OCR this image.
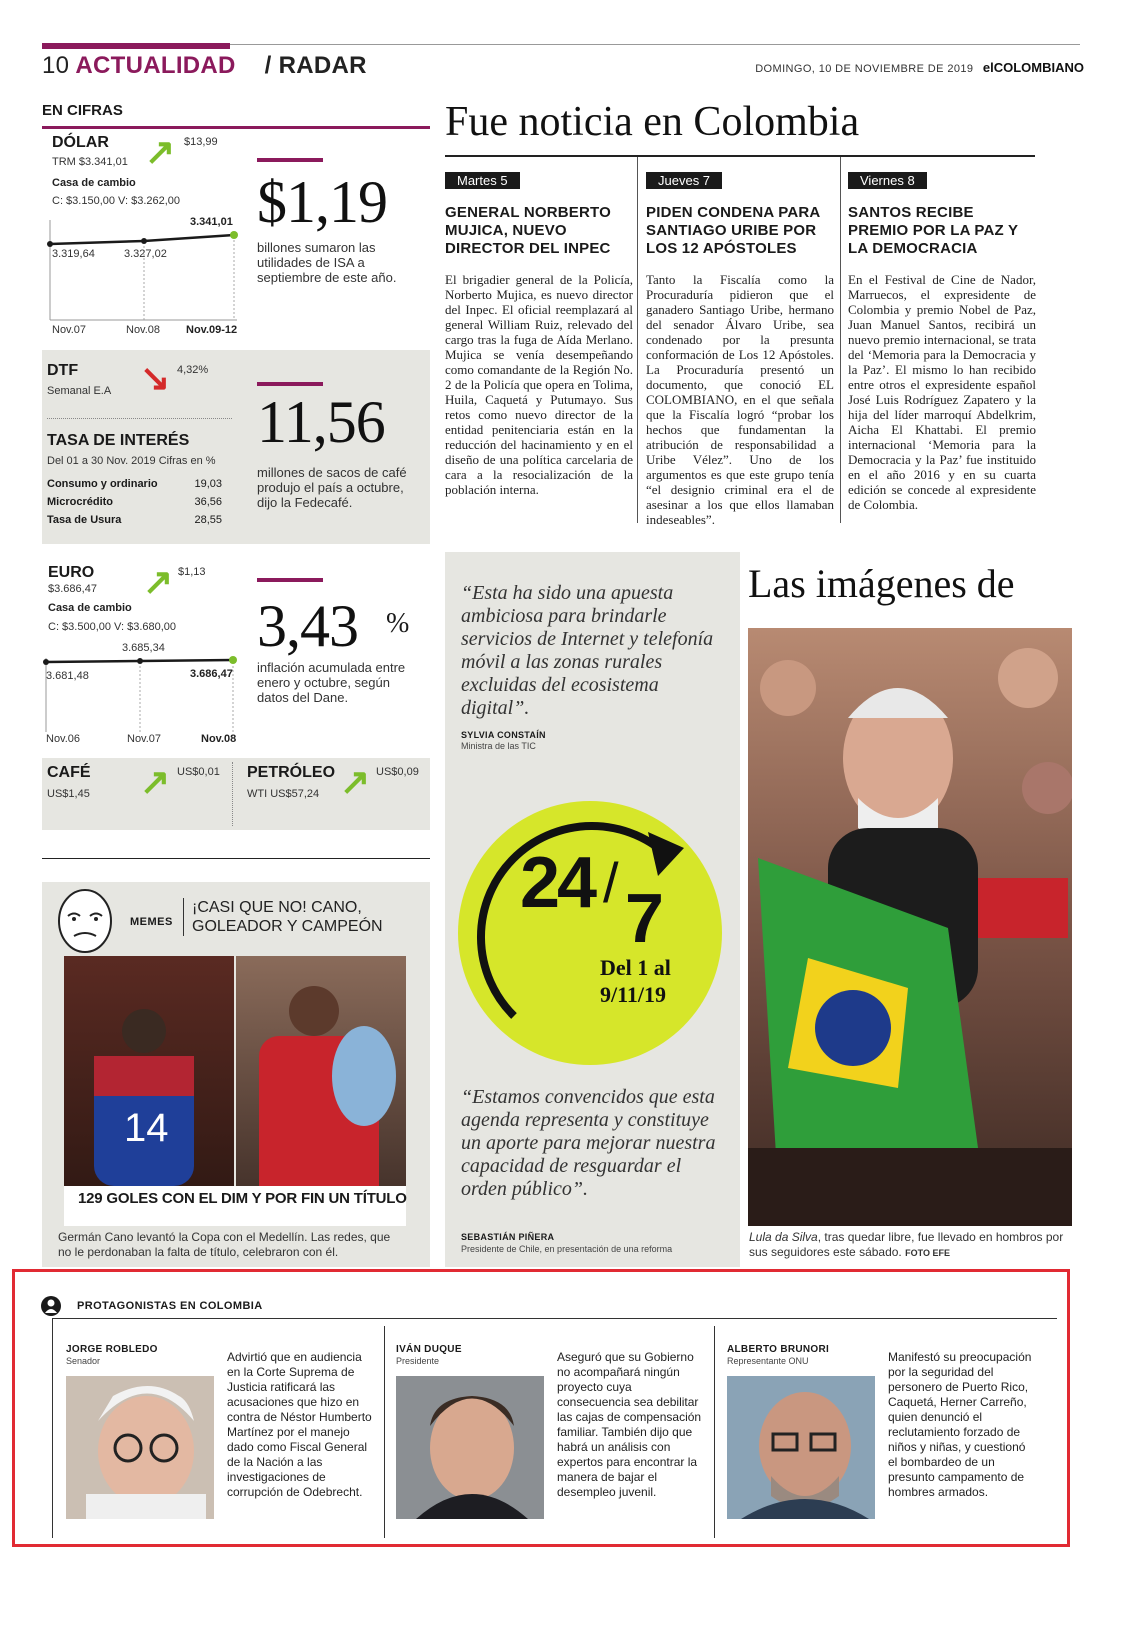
10 ACTUALIDAD / RADAR	DOMINGO, 10 DE NOVIEMBRE DE 2019 elCOLOMBIANO
EN CIFRAS
DÓLAR
TRM $3.341,01 ↗ $13,99
Casa de cambio
C: $3.150,00 V: $3.262,00
3.319,64	3.327,02
3.341,01
Nov.07	Nov.08 Nov.09-12
DTF
Semanal E.A ↘ 4,32%
TASA DE INTERÉS
Del 01 a 30 Nov. 2019 Cifras en %
Consumo y ordinario	19,03
Microcrédito	36,56
Tasa de Usura	28,55
$1,19
billones sumaron las utilidades de ISA a septiembre de este año.
11,56
millones de sacos de café produjo el país a octubre, dijo la Fedecafé.
3,43 %
inflación acumulada entre enero y octubre, según datos del Dane.
EURO
$3.686,47 ↗ $1,13
Casa de cambio
C: $3.500,00 V: $3.680,00
3.681,48
3.685,34
3.686,47
Nov.06	Nov.07	Nov.08
CAFÉ
US$1,45 ↗ US$0,01 PETRÓLEO
WTI US$57,24 ↗ US$0,09
MEMES
¡CASI QUE NO! CANO, GOLEADOR Y CAMPEÓN
14
129 GOLES CON EL DIM Y POR FIN UN TÍTULO
Germán Cano levantó la Copa con el Medellín. Las redes, que no le perdonaban la falta de título, celebraron con él.
Fue noticia en Colombia
Martes 5
GENERAL NORBERTO MUJICA, NUEVO DIRECTOR DEL INPEC
El brigadier general de la Policía, Norberto Mujica, es nuevo director del Inpec. El oficial reemplazará al general William Ruiz, relevado del cargo tras la fuga de Aída Merlano. Mujica se venía desempeñando como comandante de la Región No. 2 de la Policía que opera en Tolima, Huila, Caquetá y Putumayo. Sus retos como nuevo director de la entidad penitenciaria están en la reducción del hacinamiento y en el diseño de una política carcelaria de cara a la resocialización de la población interna.
Jueves 7
PIDEN CONDENA PARA SANTIAGO URIBE POR LOS 12 APÓSTOLES
Tanto la Fiscalía como la Procuraduría pidieron que el ganadero Santiago Uribe, hermano del senador Álvaro Uribe, sea condenado por la presunta conformación de Los 12 Apóstoles. La Procuraduría presentó un documento, que conoció EL COLOMBIANO, en el que señala que la Fiscalía logró “probar los hechos que fundamentan la atribución de responsabilidad a Uribe Vélez”. Uno de los argumentos es que este grupo tenía “el designio criminal era el de asesinar a los que ellos llamaban indeseables”.
Viernes 8
SANTOS RECIBE PREMIO POR LA PAZ Y LA DEMOCRACIA
En el Festival de Cine de Nador, Marruecos, el expresidente de Colombia y premio Nobel de Paz, Juan Manuel Santos, recibirá un nuevo premio internacional, se trata del ‘Memoria para la Democracia y la Paz’. El mismo lo han recibido entre otros el expresidente español José Luis Rodríguez Zapatero y la hija del líder marroquí Abdelkrim, Aicha El Khattabi. El premio internacional ‘Memoria para la Democracia y la Paz’ fue instituido en el año 2016 y en su cuarta edición se concede al expresidente de Colombia.
“Esta ha sido una apuesta ambiciosa para brindarle servicios de Internet y telefonía móvil a las zonas rurales excluidas del ecosistema digital”.
SYLVIA CONSTAÍN
Ministra de las TIC
24 / 7
Del 1 al
9/11/19
“Estamos convencidos que esta agenda representa y constituye un aporte para mejorar nuestra capacidad de resguardar el orden público”.
SEBASTIÁN PIÑERA
Presidente de Chile, en presentación de una reforma
Las imágenes de
Lula da Silva, tras quedar libre, fue llevado en hombros por sus seguidores este sábado. FOTO EFE
PROTAGONISTAS EN COLOMBIA
JORGE ROBLEDO
Senador	Advirtió que en audiencia en la Corte Suprema de Justicia ratificará las acusaciones que hizo en contra de Néstor Humberto Martínez por el manejo dado como Fiscal General de la Nación a las investigaciones de corrupción de Odebrecht.
IVÁN DUQUE
Presidente	Aseguró que su Gobierno no acompañará ningún proyecto cuya consecuencia sea debilitar las cajas de compensación familiar. También dijo que habrá un análisis con expertos para encontrar la manera de bajar el desempleo juvenil.
ALBERTO BRUNORI
Representante ONU	Manifestó su preocupación por la seguridad del personero de Puerto Rico, Caquetá, Herner Carreño, quien denunció el reclutamiento forzado de niños y niñas, y cuestionó el bombardeo de un presunto campamento de hombres armados.
